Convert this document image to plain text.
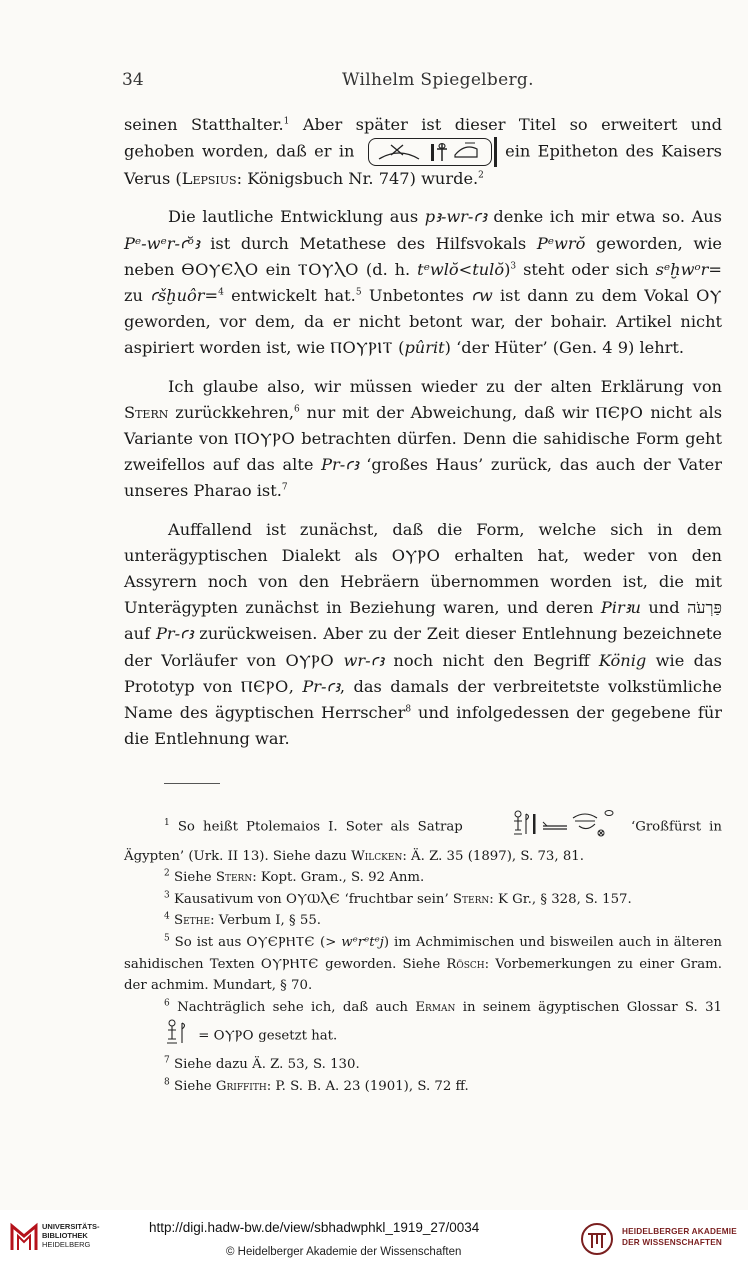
34	Wilhelm Spiegelberg.

seinen Statthalter.$^1$ Aber später ist dieser Titel so erweitert und gehoben worden, daß er in	ein Epitheton des Kaisers Verus (Lepsius: Königsbuch Nr. 747) wurde.$^2$

Die lautliche Entwicklung aus pꜣ-wr-ꜥꜣ denke ich mir etwa so. Aus Pᵉ-wᵉr-ꜥᵒ̆ꜣ ist durch Metathese des Hilfsvokals Pᵉwrŏ geworden, wie neben ϴΟⲨЄⲖΟ ein ⲦΟⲨⲖΟ (d. h. tᵉwlŏ<tulŏ)$^3$ steht oder sich sᵉḫwᵒr= zu ꜥšḫuôr=$^4$ entwickelt hat.$^5$ Unbetontes ꜥw ist dann zu dem Vokal ΟⲨ geworden, vor dem, da er nicht betont war, der bohair. Artikel nicht aspiriert worden ist, wie ⲠΟⲨⲢⲒⲦ (pûrit) ‘der Hüter’ (Gen. 4 9) lehrt.

Ich glaube also, wir müssen wieder zu der alten Erklärung von Stern zurückkehren,$^6$ nur mit der Abweichung, daß wir ⲠЄⲢΟ nicht als Variante von ⲠΟⲨⲢΟ betrachten dürfen. Denn die sahidische Form geht zweifellos auf das alte Pr-ꜥꜣ ‘großes Haus’ zurück, das auch der Vater unseres Pharao ist.$^7$

Auffallend ist zunächst, daß die Form, welche sich in dem unterägyptischen Dialekt als ΟⲨⲢΟ erhalten hat, weder von den Assyrern noch von den Hebräern übernommen worden ist, die mit Unterägypten zunächst in Beziehung waren, und deren Pirꜣu und פַּרְעֹה auf Pr-ꜥꜣ zurückweisen. Aber zu der Zeit dieser Entlehnung bezeichnete der Vorläufer von ΟⲨⲢΟ wr-ꜥꜣ noch nicht den Begriff König wie das Prototyp von ⲠЄⲢΟ, Pr-ꜥꜣ, das damals der verbreitetste volkstümliche Name des ägyptischen Herrscher$^8$ und infolgedessen der gegebene für die Entlehnung war.

$^1$ So heißt Ptolemaios I. Soter als Satrap	‘Großfürst in Ägypten’ (Urk. II 13). Siehe dazu Wilcken: Ä. Z. 35 (1897), S. 73, 81.

$^2$ Siehe Stern: Kopt. Gram., S. 92 Anm.

$^3$ Kausativum von ΟⲨⲰⲖЄ ‘fruchtbar sein’ Stern: K Gr., § 328, S. 157.

$^4$ Sethe: Verbum I, § 55.

$^5$ So ist aus ΟⲨЄⲢⲎⲦЄ (> wᵉrᵉtᵉj) im Achmimischen und bisweilen auch in älteren sahidischen Texten ΟⲨⲢⲎⲦЄ geworden. Siehe Rösch: Vorbemerkungen zu einer Gram. der achmim. Mundart, § 70.

$^6$ Nachträglich sehe ich, daß auch Erman in seinem ägyptischen Glossar S. 31  = ΟⲨⲢΟ gesetzt hat.

$^7$ Siehe dazu Ä. Z. 53, S. 130.

$^8$ Siehe Griffith: P. S. B. A. 23 (1901), S. 72 ff.

UNIVERSITÄTS-
BIBLIOTHEK
HEIDELBERG
http://digi.hadw-bw.de/view/sbhadwphkl_1919_27/0034
© Heidelberger Akademie der Wissenschaften
HEIDELBERGER AKADEMIE
DER WISSENSCHAFTEN
